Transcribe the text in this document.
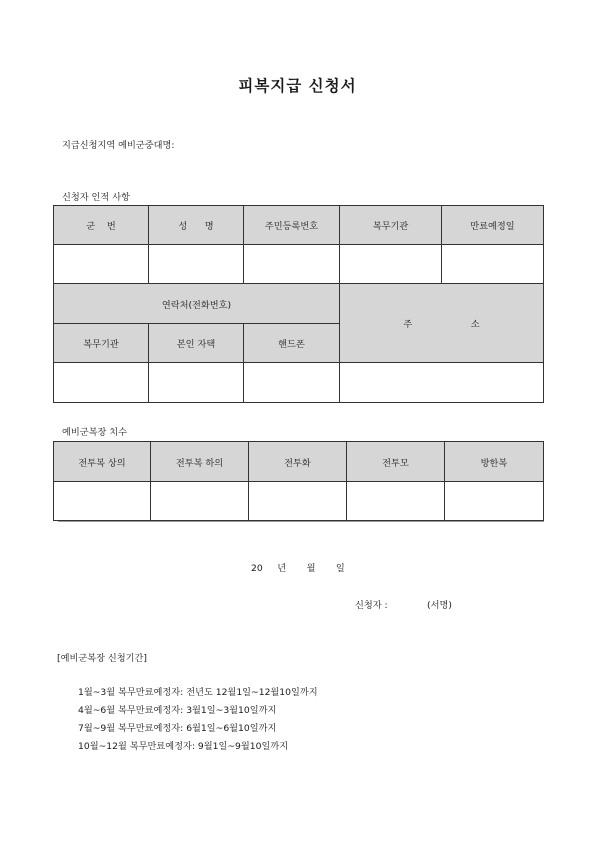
피복지급 신청서
지급신청지역 예비군중대명:
신청자 인적 사항
군    번	성      명	주민등록번호	복무기관	만료예정일

연락처(전화번호)			주                    소	
복무기관	본인 자택	핸드폰		

예비군복장 치수
전투복 상의	전투복 하의	전투화	전투모	방한복

20     년       월       일
신청자 :	(서명)
[예비군복장 신청기간]
1월~3월 복무만료예정자: 전년도 12월1일~12월10일까지
4월~6월 복무만료예정자: 3월1일~3월10일까지
7월~9월 복무만료예정자: 6월1일~6월10일까지
10월~12월 복무만료예정자: 9월1일~9월10일까지
